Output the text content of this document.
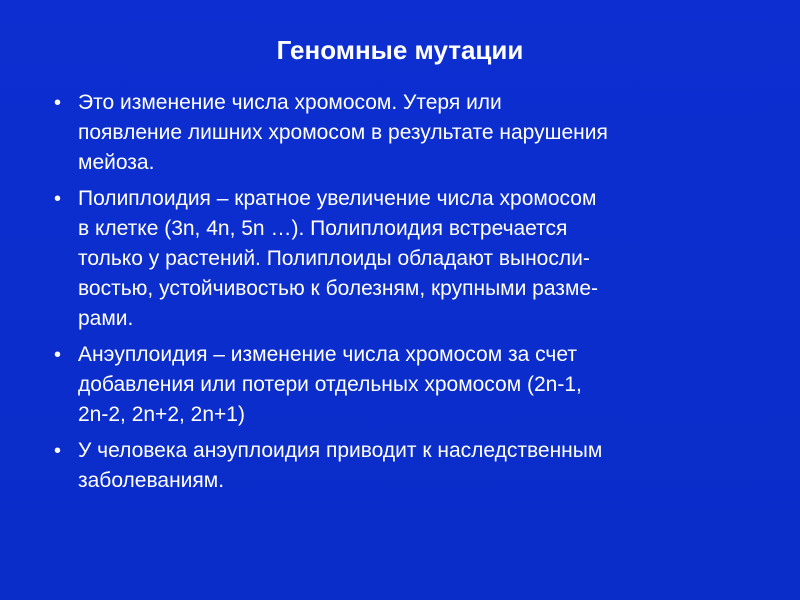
Геномные мутации
• Это изменение числа хромосом. Утеря или
появление лишних хромосом в результате нарушения
мейоза.
• Полиплоидия – кратное увеличение числа хромосом
в клетке (3n, 4n, 5n …). Полиплоидия встречается
только у растений. Полиплоиды обладают выносли-
востью, устойчивостью к болезням, крупными разме-
рами.
• Анэуплоидия – изменение числа хромосом за счет
добавления или потери отдельных хромосом (2n-1,
2n-2, 2n+2, 2n+1)
• У человека анэуплоидия приводит к наследственным
заболеваниям.
